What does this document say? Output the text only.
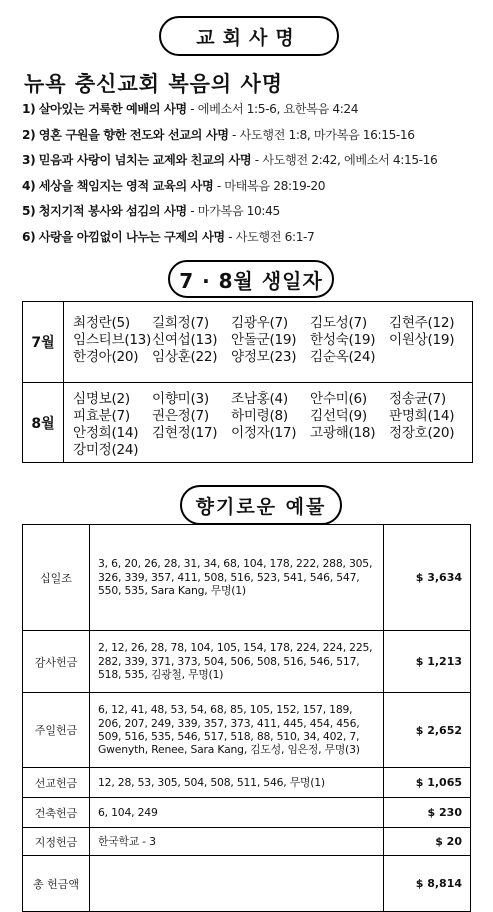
교회사명
뉴욕 충신교회 복음의 사명
1) 살아있는 거룩한 예배의 사명 - 에베소서 1:5-6, 요한복음 4:24
2) 영혼 구원을 향한 전도와 선교의 사명 - 사도행전 1:8, 마가복음 16:15-16
3) 믿음과 사랑이 넘치는 교제와 친교의 사명 - 사도행전 2:42, 에베소서 4:15-16
4) 세상을 책임지는 영적 교육의 사명 - 마태복음 28:19-20
5) 청지기적 봉사와 섬김의 사명 - 마가복음 10:45
6) 사랑을 아낌없이 나누는 구제의 사명 - 사도행전 6:1-7
7 · 8월 생일자
7월
최정란(5)	길희정(7)	김광우(7)	김도성(7)	김현주(12)
임스티브(13) 신여섭(13)	안돌군(19)	한성숙(19)	이원상(19)
한경아(20)	임상훈(22)	양정모(23)	김순옥(24)
8월
심명보(2)	이향미(3)	조남홍(4)	안수미(6)	정송균(7)
피효분(7)	권은정(7)	하미령(8)	김선덕(9)	판명희(14)
안정희(14)	김현정(17)	이정자(17)	고광해(18)	정장호(20)
강미정(24)
향기로운 예물
십일조	3, 6, 20, 26, 28, 31, 34, 68, 104, 178, 222, 288, 305, 326, 339, 357, 411, 508, 516, 523, 541, 546, 547, 550, 535, Sara Kang, 무명(1)	$ 3,634
감사헌금	2, 12, 26, 28, 78, 104, 105, 154, 178, 224, 224, 225, 282, 339, 371, 373, 504, 506, 508, 516, 546, 517, 518, 535, 김광철, 무명(1)	$ 1,213
주일헌금	6, 12, 41, 48, 53, 54, 68, 85, 105, 152, 157, 189, 206, 207, 249, 339, 357, 373, 411, 445, 454, 456, 509, 516, 535, 546, 517, 518, 88, 510, 34, 402, 7, Gwenyth, Renee, Sara Kang, 김도성, 임은정, 무명(3)	$ 2,652
선교헌금	12, 28, 53, 305, 504, 508, 511, 546, 무명(1)	$ 1,065
건축헌금	6, 104, 249	$ 230
지정헌금	한국학교 - 3	$ 20
총 헌금액		$ 8,814
